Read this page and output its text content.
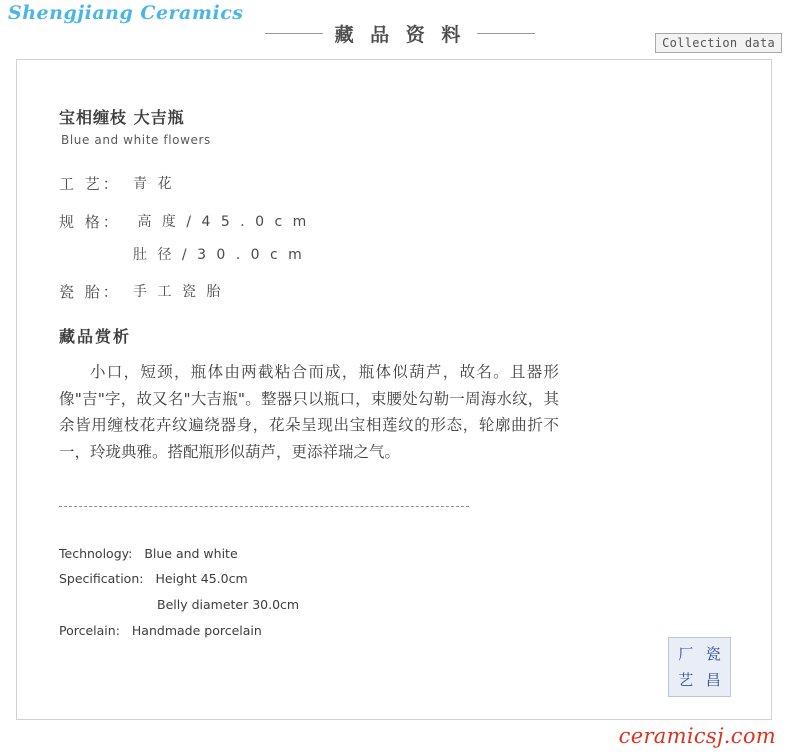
Shengjiang Ceramics
藏 品 资 料	Collection data
宝相缠枝 大吉瓶
Blue and white flowers
工 艺： 青 花
规 格： 高 度 / 4 5 . 0 c m
肚 径 / 3 0 . 0 c m
瓷 胎： 手 工 瓷 胎
藏品赏析

小口，短颈，瓶体由两截粘合而成，瓶体似葫芦，故名。且器形像"吉"字，故又名"大吉瓶"。整器只以瓶口，束腰处勾勒一周海水纹，其余皆用缠枝花卉纹遍绕器身，花朵呈现出宝相莲纹的形态，轮廓曲折不一，玲珑典雅。搭配瓶形似葫芦，更添祥瑞之气。

Technology: Blue and white
Specification: Height 45.0cm
Belly diameter 30.0cm
Porcelain: Handmade porcelain
厂 瓷
艺 昌
ceramicsj.com
